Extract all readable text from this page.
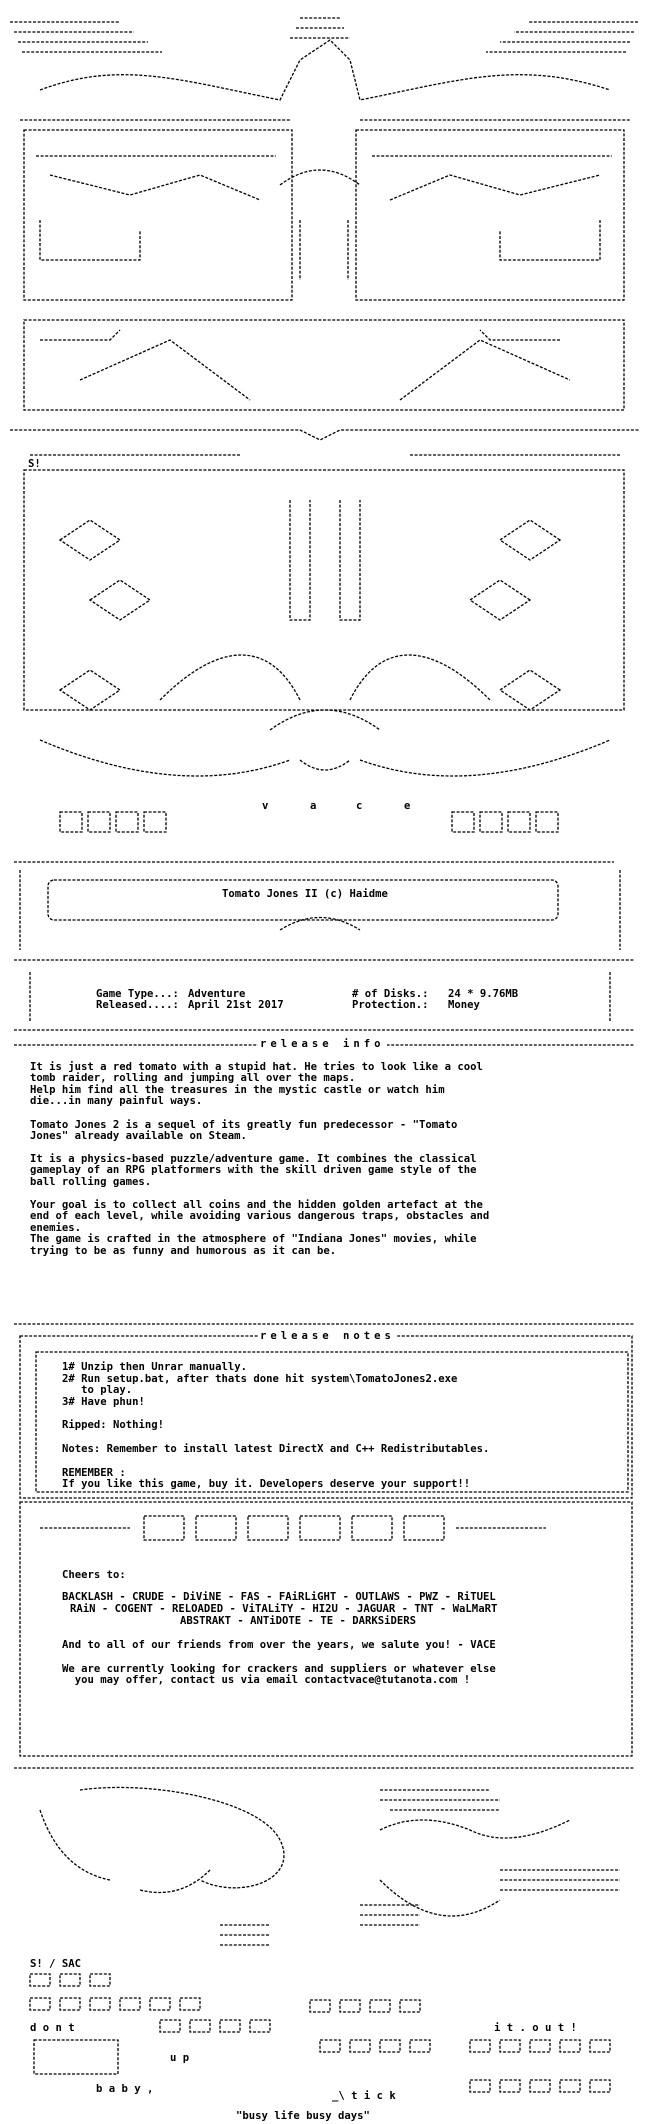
S!
v	a	c	e
Tomato Jones II (c) Haidme
Game Type...: Adventure
Released....: April 21st 2017
# of Disks.: 24 * 9.76MB
Protection.: Money
release info
It is just a red tomato with a stupid hat. He tries to look like a cool
tomb raider, rolling and jumping all over the maps.
Help him find all the treasures in the mystic castle or watch him
die...in many painful ways.
Tomato Jones 2 is a sequel of its greatly fun predecessor - "Tomato
Jones" already available on Steam.
It is a physics-based puzzle/adventure game. It combines the classical
gameplay of an RPG platformers with the skill driven game style of the
ball rolling games.
Your goal is to collect all coins and the hidden golden artefact at the
end of each level, while avoiding various dangerous traps, obstacles and
enemies.
The game is crafted in the atmosphere of "Indiana Jones" movies, while
trying to be as funny and humorous as it can be.
release notes
1# Unzip then Unrar manually.
2# Run setup.bat, after thats done hit system\TomatoJones2.exe
to play.
3# Have phun!
Ripped: Nothing!
Notes: Remember to install latest DirectX and C++ Redistributables.
REMEMBER :
If you like this game, buy it. Developers deserve your support!!
Cheers to:
BACKLASH - CRUDE - DiViNE - FAS - FAiRLiGHT - OUTLAWS - PWZ - RiTUEL
RAiN - COGENT - RELOADED - ViTALiTY - HI2U - JAGUAR - TNT - WaLMaRT
ABSTRAKT - ANTiDOTE - TE - DARKSiDERS
And to all of our friends from over the years, we salute you! - VACE
We are currently looking for crackers and suppliers or whatever else
you may offer, contact us via email contactvace@tutanota.com !
S! / SAC
d o n t
u p
b a b y ,
i t . o u t !
_\ t i c k
"busy life busy days"
